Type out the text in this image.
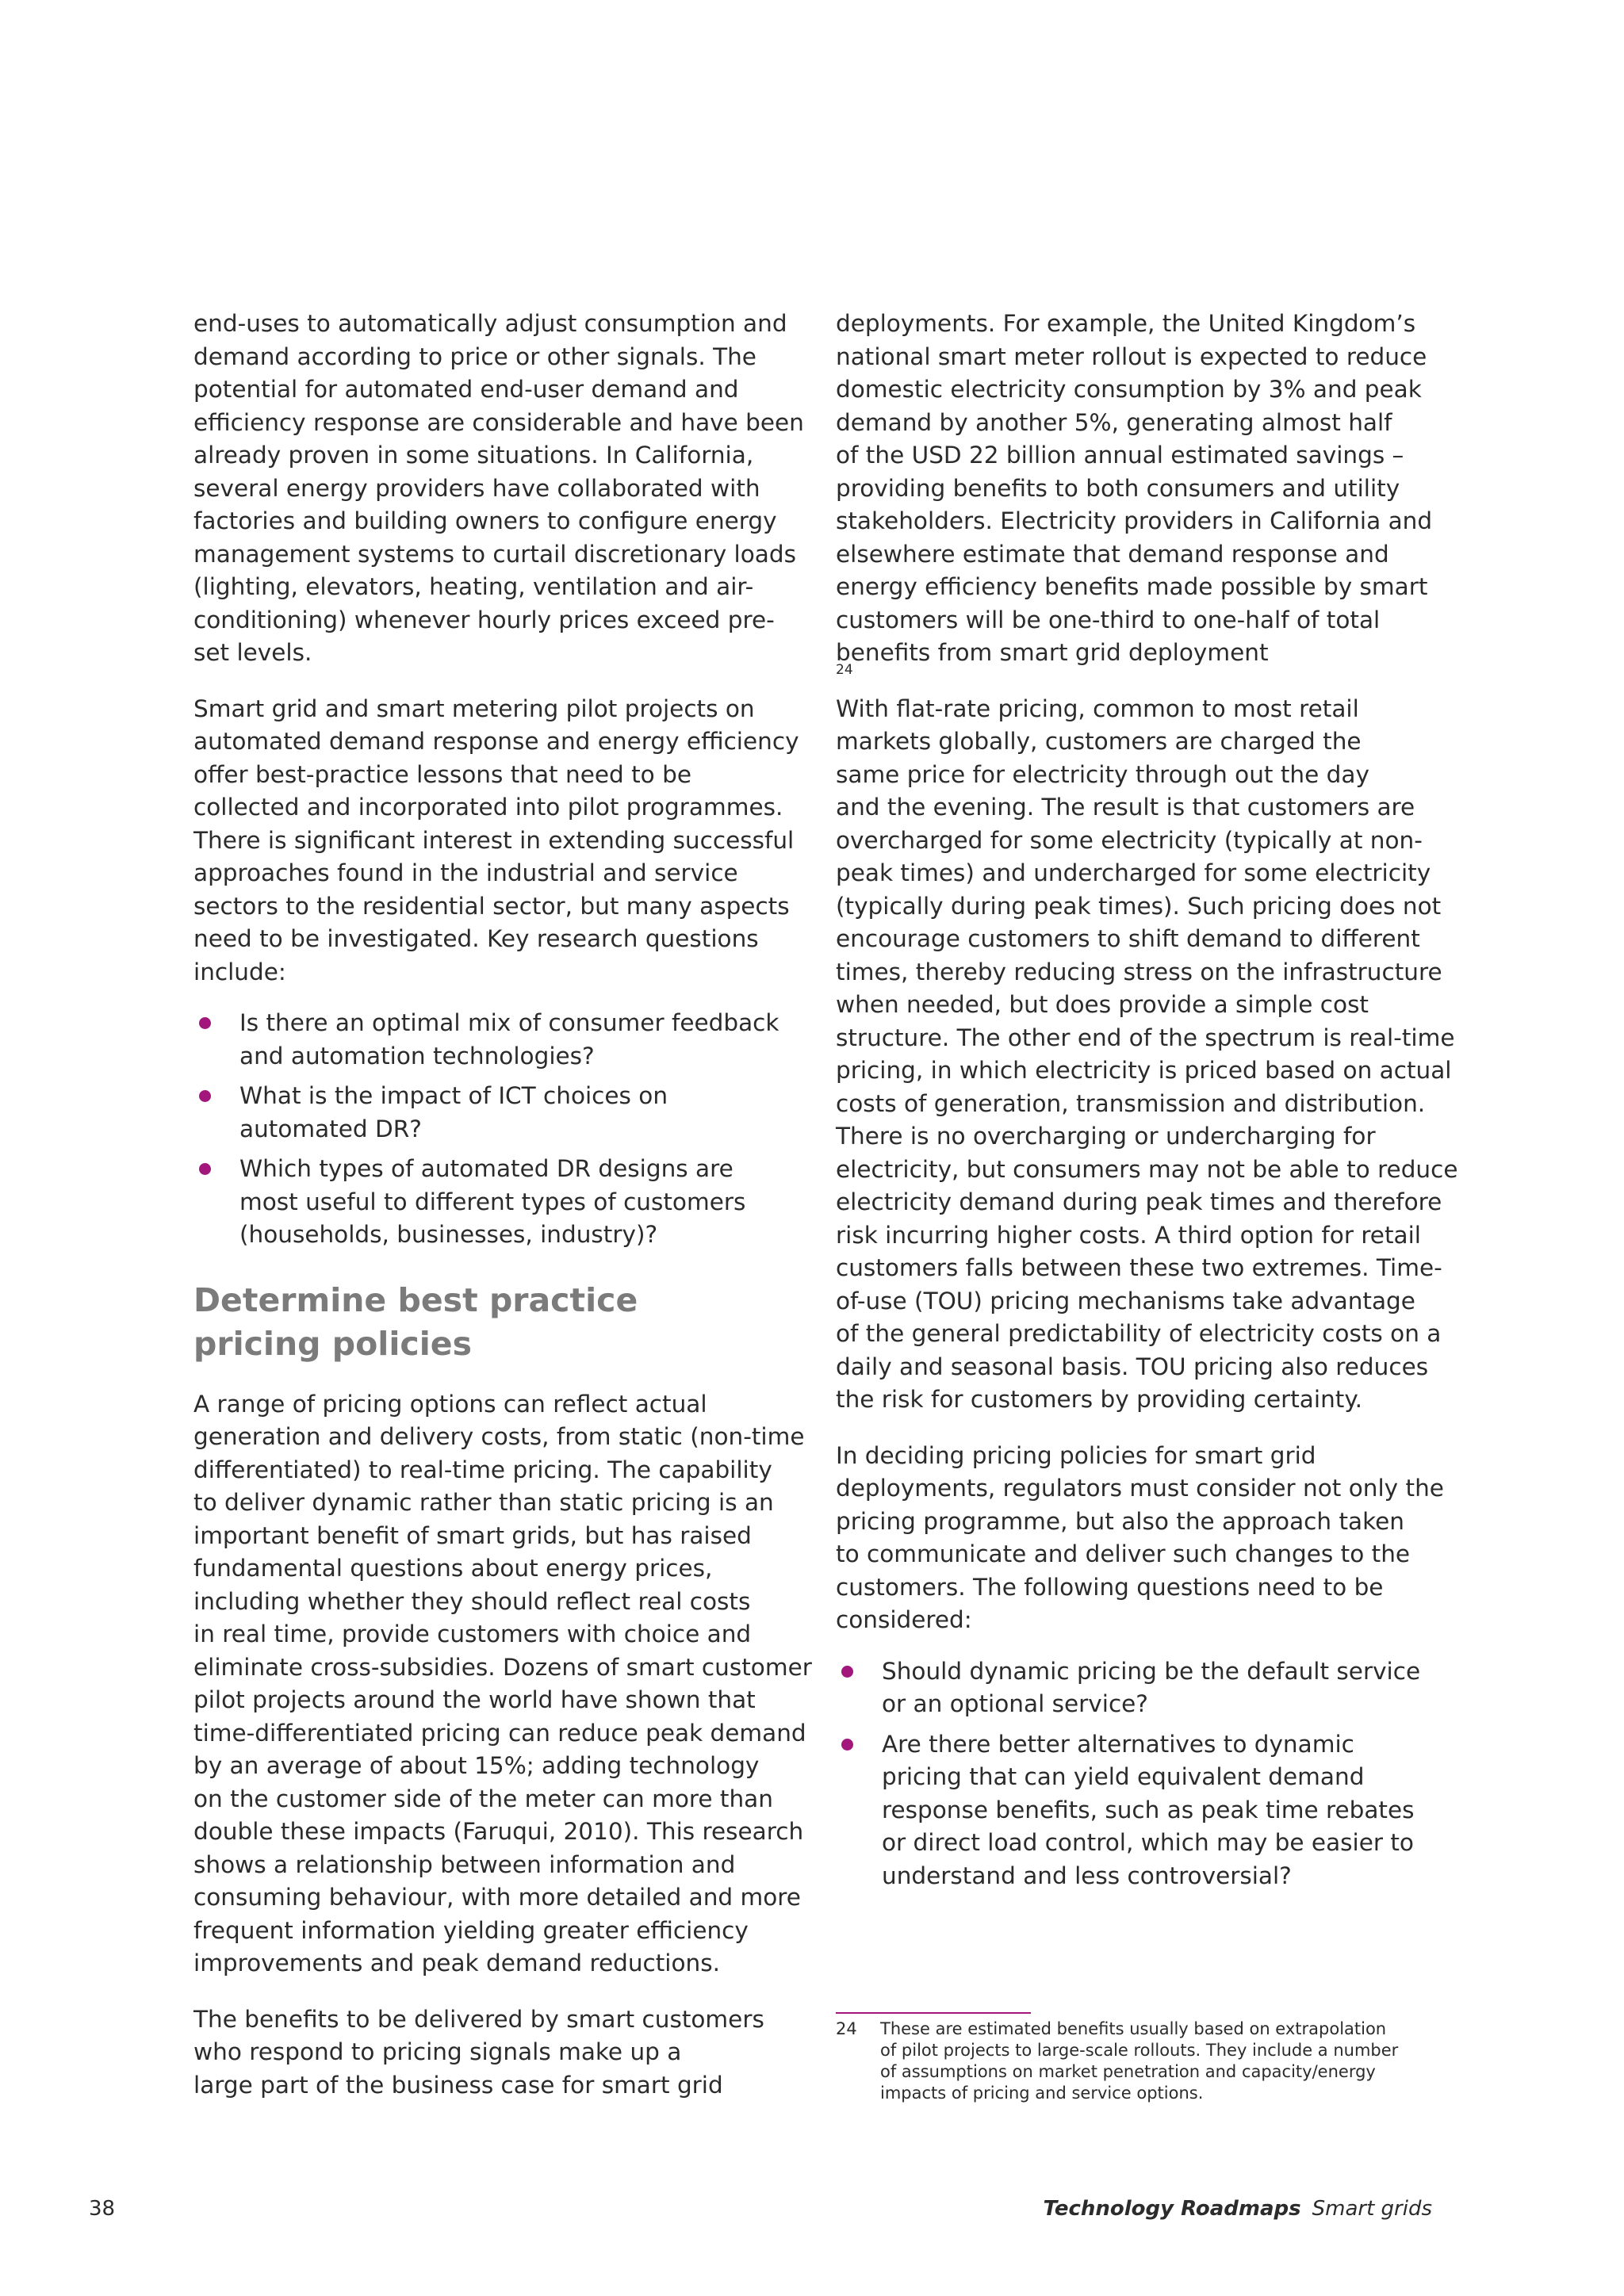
end-uses to automatically adjust consumption and
demand according to price or other signals. The
potential for automated end-user demand and
efficiency response are considerable and have been
already proven in some situations. In California,
several energy providers have collaborated with
factories and building owners to configure energy
management systems to curtail discretionary loads
(lighting, elevators, heating, ventilation and air-
conditioning) whenever hourly prices exceed pre-
set levels.
Smart grid and smart metering pilot projects on
automated demand response and energy efficiency
offer best-practice lessons that need to be
collected and incorporated into pilot programmes.
There is significant interest in extending successful
approaches found in the industrial and service
sectors to the residential sector, but many aspects
need to be investigated. Key research questions
include:
Is there an optimal mix of consumer feedback
and automation technologies?
What is the impact of ICT choices on
automated DR?
Which types of automated DR designs are
most useful to different types of customers
(households, businesses, industry)?
Determine best practice
pricing policies
A range of pricing options can reflect actual
generation and delivery costs, from static (non-time
differentiated) to real-time pricing. The capability
to deliver dynamic rather than static pricing is an
important benefit of smart grids, but has raised
fundamental questions about energy prices,
including whether they should reflect real costs
in real time, provide customers with choice and
eliminate cross-subsidies. Dozens of smart customer
pilot projects around the world have shown that
time-differentiated pricing can reduce peak demand
by an average of about 15%; adding technology
on the customer side of the meter can more than
double these impacts (Faruqui, 2010). This research
shows a relationship between information and
consuming behaviour, with more detailed and more
frequent information yielding greater efficiency
improvements and peak demand reductions.
The benefits to be delivered by smart customers
who respond to pricing signals make up a
large part of the business case for smart grid
deployments. For example, the United Kingdom’s
national smart meter rollout is expected to reduce
domestic electricity consumption by 3% and peak
demand by another 5%, generating almost half
of the USD 22 billion annual estimated savings –
providing benefits to both consumers and utility
stakeholders. Electricity providers in California and
elsewhere estimate that demand response and
energy efficiency benefits made possible by smart
customers will be one-third to one-half of total
benefits from smart grid deployment
24
With flat-rate pricing, common to most retail
markets globally, customers are charged the
same price for electricity through out the day
and the evening. The result is that customers are
overcharged for some electricity (typically at non-
peak times) and undercharged for some electricity
(typically during peak times). Such pricing does not
encourage customers to shift demand to different
times, thereby reducing stress on the infrastructure
when needed, but does provide a simple cost
structure. The other end of the spectrum is real-time
pricing, in which electricity is priced based on actual
costs of generation, transmission and distribution.
There is no overcharging or undercharging for
electricity, but consumers may not be able to reduce
electricity demand during peak times and therefore
risk incurring higher costs. A third option for retail
customers falls between these two extremes. Time-
of-use (TOU) pricing mechanisms take advantage
of the general predictability of electricity costs on a
daily and seasonal basis. TOU pricing also reduces
the risk for customers by providing certainty.
In deciding pricing policies for smart grid
deployments, regulators must consider not only the
pricing programme, but also the approach taken
to communicate and deliver such changes to the
customers. The following questions need to be
considered:
Should dynamic pricing be the default service
or an optional service?
Are there better alternatives to dynamic
pricing that can yield equivalent demand
response benefits, such as peak time rebates
or direct load control, which may be easier to
understand and less controversial?
24 These are estimated benefits usually based on extrapolation
of pilot projects to large-scale rollouts. They include a number
of assumptions on market penetration and capacity/energy
impacts of pricing and service options.
38	Technology Roadmaps Smart grids
